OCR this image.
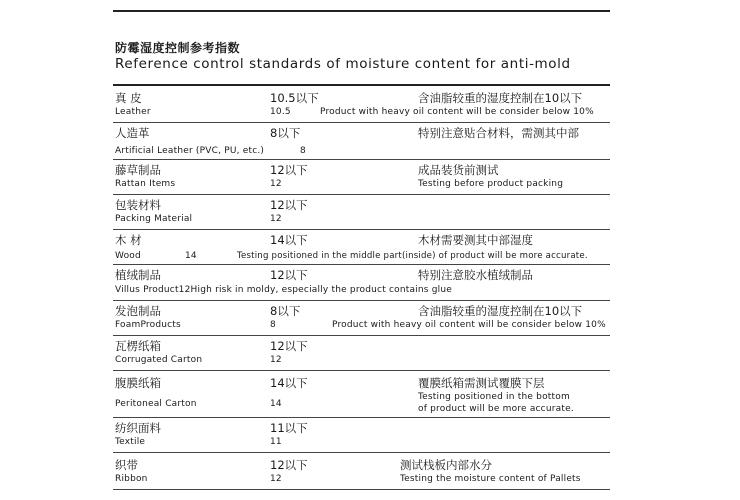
防霉湿度控制参考指数
Reference control standards of moisture content for anti-mold
真 皮
Leather
10.5以下
10.5
含油脂较重的湿度控制在10以下
Product with heavy oil content will be consider below 10%
人造革
Artificial Leather (PVC, PU, etc.)
8以下
8
特别注意贴合材料，需测其中部
藤草制品
Rattan Items
12以下
12
成品装货前测试
Testing before product packing
包装材料
Packing Material
12以下
12
木 材
Wood
14以下
14
木材需要测其中部湿度
Testing positioned in the middle part(inside) of product will be more accurate.
植绒制品
Villus Product12High risk in moldy, especially the product contains glue
12以下	特别注意胶水植绒制品
发泡制品
FoamProducts
8以下
8
含油脂较重的湿度控制在10以下
Product with heavy oil content will be consider below 10%
瓦楞纸箱
Corrugated Carton
12以下
12
腹膜纸箱
Peritoneal Carton
14以下
14
覆膜纸箱需测试覆膜下层
Testing positioned in the bottom
of product will be more accurate.
纺织面料
Textile
11以下
11
织带
Ribbon
12以下
12
测试栈板内部水分
Testing the moisture content of Pallets
